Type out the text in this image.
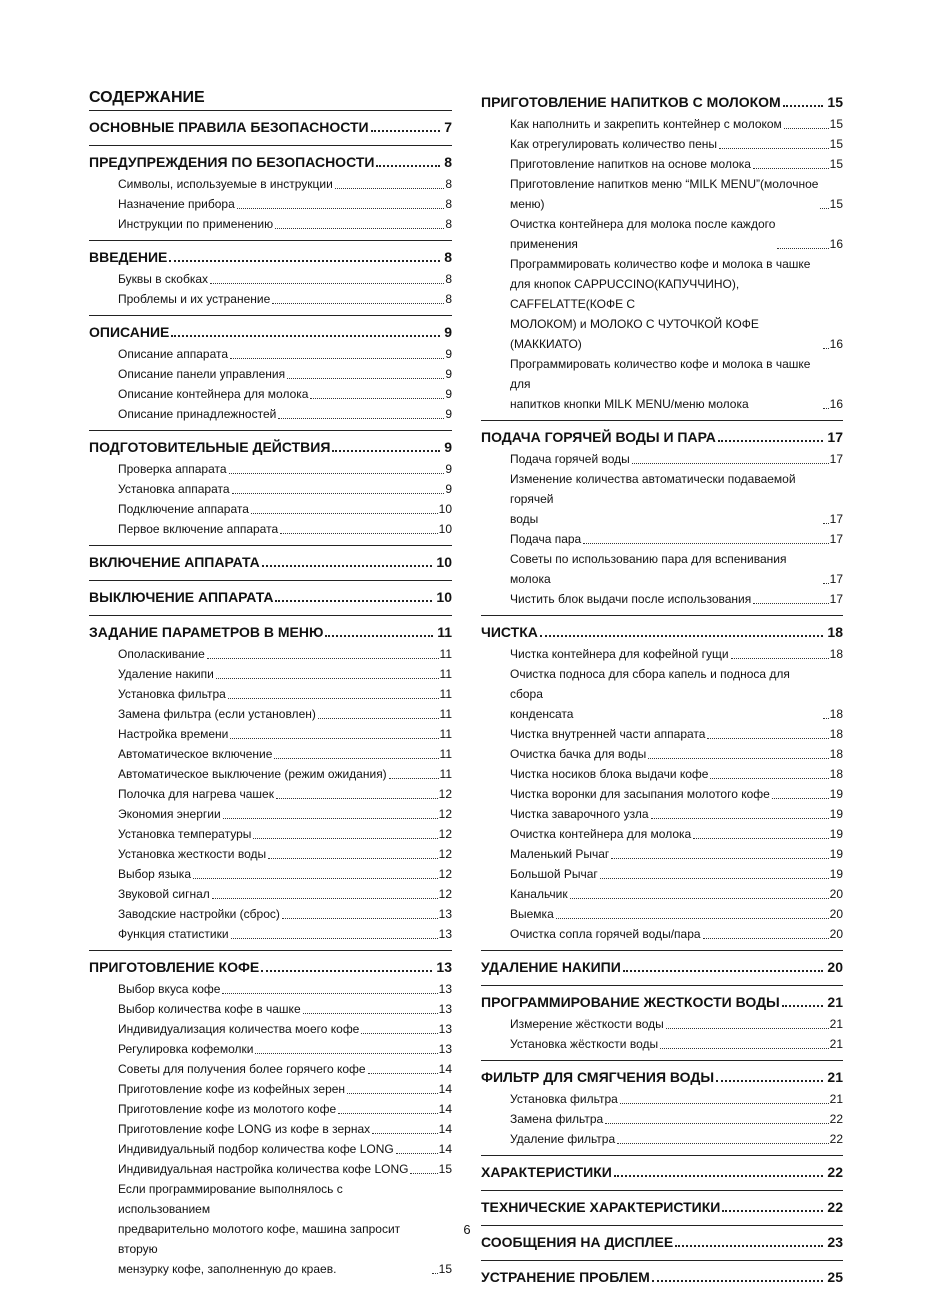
СОДЕРЖАНИЕ
ОСНОВНЫЕ ПРАВИЛА БЕЗОПАСНОСТИ	7
ПРЕДУПРЕЖДЕНИЯ ПО БЕЗОПАСНОСТИ	8
Символы, используемые в инструкции	8
Назначение прибора	8
Инструкции по применению	8
ВВЕДЕНИЕ	8
Буквы в скобках	8
Проблемы и их устранение	8
ОПИСАНИЕ	9
Описание аппарата	9
Описание панели управления	9
Описание контейнера для молока	9
Описание принадлежностей	9
ПОДГОТОВИТЕЛЬНЫЕ ДЕЙСТВИЯ	9
Проверка аппарата	9
Установка аппарата	9
Подключение аппарата	10
Первое включение аппарата	10
ВКЛЮЧЕНИЕ АППАРАТА	10
ВЫКЛЮЧЕНИЕ АППАРАТА	10
ЗАДАНИЕ ПАРАМЕТРОВ В МЕНЮ	11
Ополаскивание	11
Удаление накипи	11
Установка фильтра	11
Замена фильтра (если установлен)	11
Настройка времени	11
Автоматическое включение	11
Автоматическое выключение (режим ожидания)	11
Полочка для нагрева чашек	12
Экономия энергии	12
Установка температуры	12
Установка жесткости воды	12
Выбор языка	12
Звуковой сигнал	12
Заводские настройки (сброс)	13
Функция статистики	13
ПРИГОТОВЛЕНИЕ КОФЕ	13
Выбор вкуса кофе	13
Выбор количества кофе в чашке	13
Индивидуализация количества моего кофе	13
Регулировка кофемолки	13
Советы для получения более горячего кофе	14
Приготовление кофе из кофейных зерен	14
Приготовление кофе из молотого кофе	14
Приготовление кофе LONG из кофе в зернах	14
Индивидуальный подбор количества кофе LONG	14
Индивидуальная настройка количества кофе LONG	15
Если программирование выполнялось с использованием
предварительно молотого кофе, машина запросит вторую
мензурку кофе, заполненную до краев.	15
ПРИГОТОВЛЕНИЕ НАПИТКОВ С МОЛОКОМ	15
Как наполнить и закрепить контейнер с молоком	15
Как отрегулировать количество пены	15
Приготовление напитков на основе молока	15
Приготовление напитков меню “MILK MENU”(молочное
меню)	15
Очистка контейнера для молока после каждого
применения	16
Программировать количество кофе и молока в чашке
для кнопок CAPPUCCINO(КАПУЧЧИНО), CAFFELATTE(КОФЕ С
МОЛОКОМ) и МОЛОКО С ЧУТОЧКОЙ КОФЕ (МАККИАТО)	16
Программировать количество кофе и молока в чашке для
напитков кнопки MILK MENU/меню молока	16
ПОДАЧА ГОРЯЧЕЙ ВОДЫ И ПАРА	17
Подача горячей воды	17
Изменение количества автоматически подаваемой горячей
воды	17
Подача пара	17
Советы по использованию пара для вспенивания молока	17
Чистить блок выдачи после использования	17
ЧИСТКА	18
Чистка контейнера для кофейной гущи	18
Очистка подноса для сбора капель и подноса для сбора
конденсата	18
Чистка внутренней части аппарата	18
Очистка бачка для воды	18
Чистка носиков блока выдачи кофе	18
Чистка воронки для засыпания молотого кофе	19
Чистка заварочного узла	19
Очистка контейнера для молока	19
Маленький Рычаг	19
Большой Рычаг	19
Канальчик	20
Выемка	20
Очистка сопла горячей воды/пара	20
УДАЛЕНИЕ НАКИПИ	20
ПРОГРАММИРОВАНИЕ ЖЕСТКОСТИ ВОДЫ	21
Измерение жёсткости воды	21
Установка жёсткости воды	21
ФИЛЬТР ДЛЯ СМЯГЧЕНИЯ ВОДЫ	21
Установка фильтра	21
Замена фильтра	22
Удаление фильтра	22
ХАРАКТЕРИСТИКИ	22
ТЕХНИЧЕСКИЕ ХАРАКТЕРИСТИКИ	22
СООБЩЕНИЯ НА ДИСПЛЕЕ	23
УСТРАНЕНИЕ ПРОБЛЕМ	25
6
